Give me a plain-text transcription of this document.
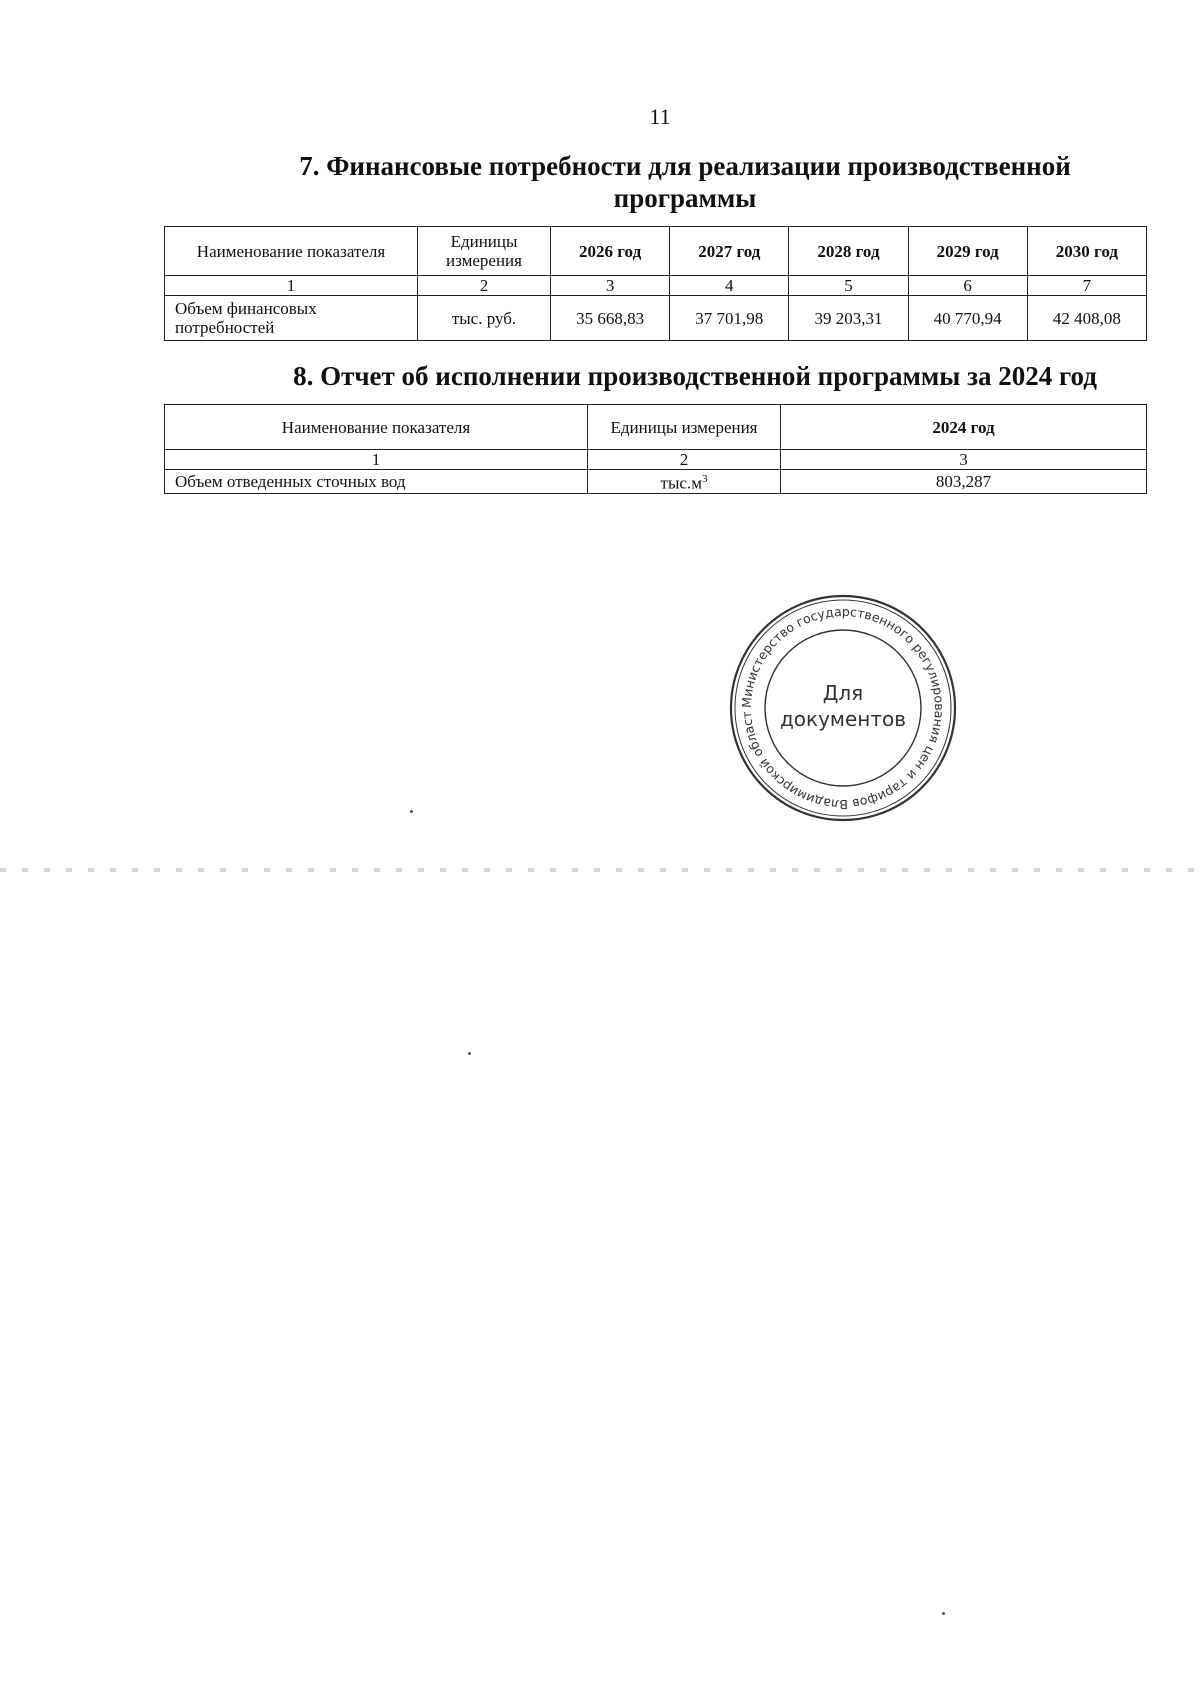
11
7. Финансовые потребности для реализации производственной
программы
Наименование показателя	Единицы измерения	2026 год	2027 год	2028 год	2029 год	2030 год
1	2	3	4	5	6	7
Объем финансовых потребностей	тыс. руб.	35 668,83	37 701,98	39 203,31	40 770,94	42 408,08
8. Отчет об исполнении производственной программы за 2024 год
Наименование показателя	Единицы измерения	2024 год
1	2	3
Объем отведенных сточных вод	$тыс.м^3$	803,287
Министерство государственного регулирования цен и тарифов Владимирской област
Для
документов
